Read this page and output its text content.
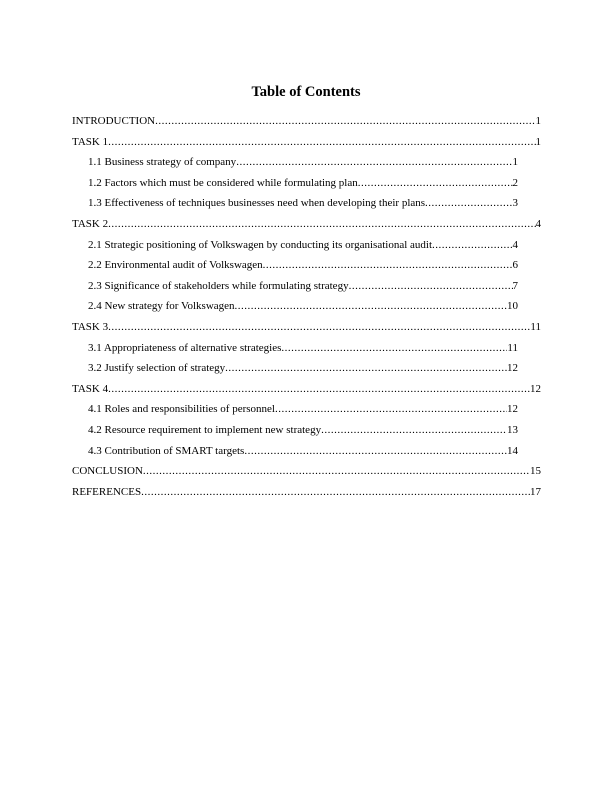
Table of Contents
INTRODUCTION .....	1
TASK 1 .....	1
1.1 Business strategy of company .....	1
1.2 Factors which must be considered while formulating plan .....	2
1.3 Effectiveness of techniques businesses need when developing their plans .....	3
TASK 2 .....	4
2.1 Strategic positioning of Volkswagen by conducting its organisational audit .....	4
2.2 Environmental audit of Volkswagen .....	6
2.3 Significance of stakeholders while formulating strategy .....	7
2.4 New strategy for Volkswagen .....	10
TASK 3 .....	11
3.1 Appropriateness of alternative strategies .....	11
3.2 Justify selection of strategy .....	12
TASK 4 .....	12
4.1 Roles and responsibilities of personnel .....	12
4.2 Resource requirement to implement new strategy .....	13
4.3 Contribution of SMART targets .....	14
CONCLUSION .....	15
REFERENCES .....	17
